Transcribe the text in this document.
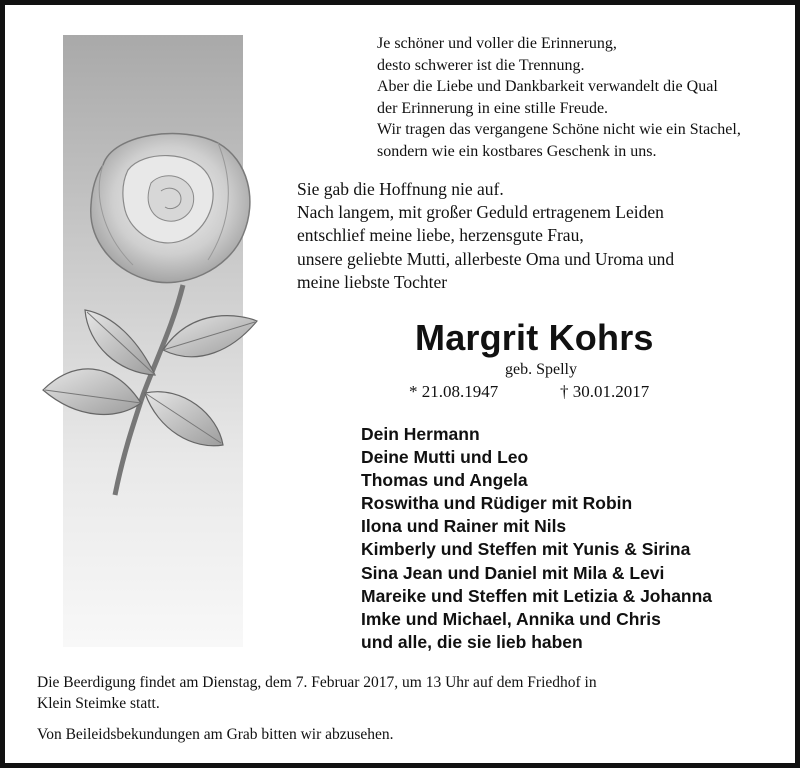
Je schöner und voller die Erinnerung,
desto schwerer ist die Trennung.
Aber die Liebe und Dankbarkeit verwandelt die Qual
der Erinnerung in eine stille Freude.
Wir tragen das vergangene Schöne nicht wie ein Stachel,
sondern wie ein kostbares Geschenk in uns.
Sie gab die Hoffnung nie auf.
Nach langem, mit großer Geduld ertragenem Leiden
entschlief meine liebe, herzensgute Frau,
unsere geliebte Mutti, allerbeste Oma und Uroma und
meine liebste Tochter
Margrit Kohrs
geb. Spelly
* 21.08.1947	† 30.01.2017
Dein Hermann
Deine Mutti und Leo
Thomas und Angela
Roswitha und Rüdiger mit Robin
Ilona und Rainer mit Nils
Kimberly und Steffen mit Yunis & Sirina
Sina Jean und Daniel mit Mila & Levi
Mareike und Steffen mit Letizia & Johanna
Imke und Michael, Annika und Chris
und alle, die sie lieb haben
Die Beerdigung findet am Dienstag, dem 7. Februar 2017, um 13 Uhr auf dem Friedhof in
Klein Steimke statt.
Von Beileidsbekundungen am Grab bitten wir abzusehen.
